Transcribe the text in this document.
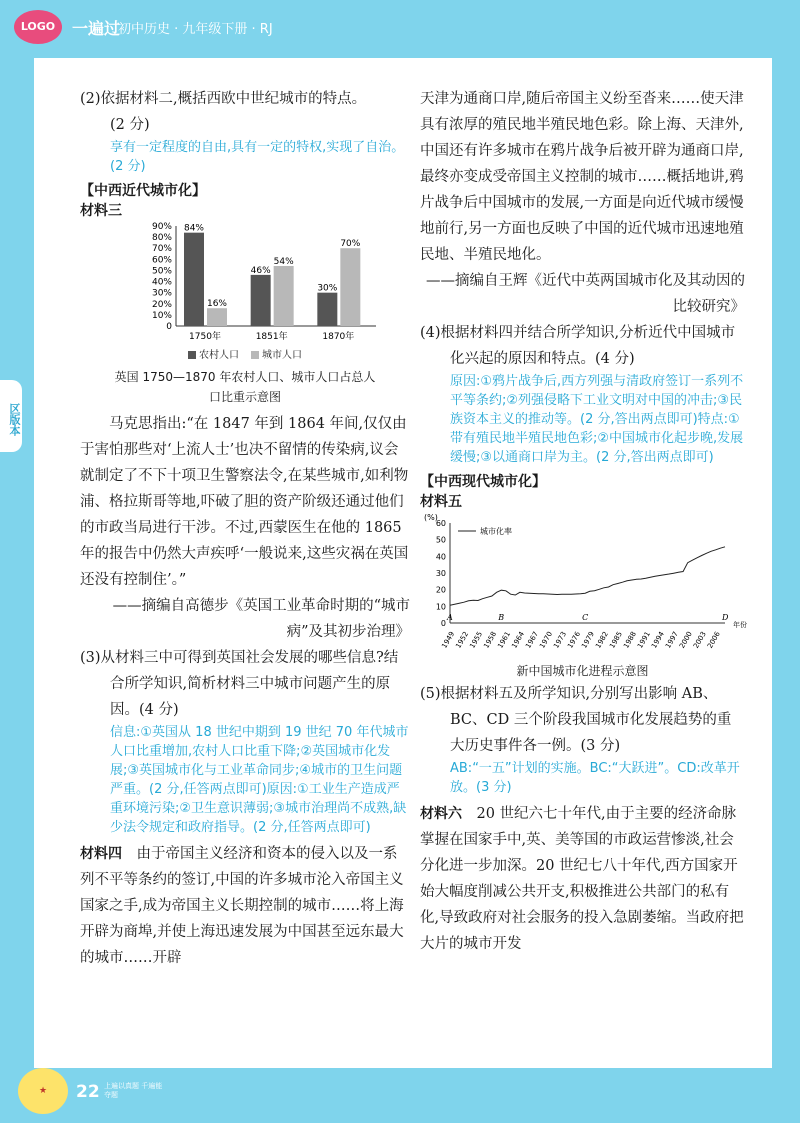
LOGO	一遍过
初中历史 · 九年级下册 · RJ
区版本

(2)依据材料二,概括西欧中世纪城市的特点。

(2 分)

享有一定程度的自由,具有一定的特权,实现了自治。(2 分)

【中西近代城市化】

材料三

0
10%
20%
30%
40%
50%
60%
70%
80%
90% 84%
16%
1750年
46%
54%
1851年
30%
70%
1870年
农村人口	城市人口

英国 1750—1870 年农村人口、城市人口占总人口比重示意图

马克思指出:“在 1847 年到 1864 年间,仅仅由于害怕那些对‘上流人士’也决不留情的传染病,议会就制定了不下十项卫生警察法令,在某些城市,如利物浦、格拉斯哥等地,吓破了胆的资产阶级还通过他们的市政当局进行干涉。不过,西蒙医生在他的 1865 年的报告中仍然大声疾呼‘一般说来,这些灾祸在英国还没有控制住’。”

——摘编自高德步《英国工业革命时期的“城市病”及其初步治理》

(3)从材料三中可得到英国社会发展的哪些信息?结合所学知识,简析材料三中城市问题产生的原因。(4 分)

信息:①英国从 18 世纪中期到 19 世纪 70 年代城市人口比重增加,农村人口比重下降;②英国城市化发展;③英国城市化与工业革命同步;④城市的卫生问题严重。(2 分,任答两点即可)原因:①工业生产造成严重环境污染;②卫生意识薄弱;③城市治理尚不成熟,缺少法令规定和政府指导。(2 分,任答两点即可)

材料四　 由于帝国主义经济和资本的侵入以及一系列不平等条约的签订,中国的许多城市沦入帝国主义国家之手,成为帝国主义长期控制的城市……将上海开辟为商埠,并使上海迅速发展为中国甚至远东最大的城市……开辟

天津为通商口岸,随后帝国主义纷至沓来……使天津具有浓厚的殖民地半殖民地色彩。除上海、天津外,中国还有许多城市在鸦片战争后被开辟为通商口岸,最终亦变成受帝国主义控制的城市……概括地讲,鸦片战争后中国城市的发展,一方面是向近代城市缓慢地前行,另一方面也反映了中国的近代城市迅速地殖民地、半殖民地化。

——摘编自王辉《近代中英两国城市化及其动因的比较研究》

(4)根据材料四并结合所学知识,分析近代中国城市化兴起的原因和特点。(4 分)

原因:①鸦片战争后,西方列强与清政府签订一系列不平等条约;②列强侵略下工业文明对中国的冲击;③民族资本主义的推动等。(2 分,答出两点即可)特点:①带有殖民地半殖民地色彩;②中国城市化起步晚,发展缓慢;③以通商口岸为主。(2 分,答出两点即可)

【中西现代城市化】

材料五

(%)
0
10
20
30
40
50
60
1949
1952
1955
1958
1961
1964
1967
1970
1973
1976
1979
1982
1985
1988
1991
1994
1997
2000
2003
2006
年份
城市化率
A	B	C	D

新中国城市化进程示意图

(5)根据材料五及所学知识,分别写出影响 AB、BC、CD 三个阶段我国城市化发展趋势的重大历史事件各一例。(3 分)

AB:“一五”计划的实施。BC:“大跃进”。CD:改革开放。(3 分)

材料六　 20 世纪六七十年代,由于主要的经济命脉掌握在国家手中,英、美等国的市政运营惨淡,社会分化进一步加深。20 世纪七八十年代,西方国家开始大幅度削减公共开支,积极推进公共部门的私有化,导致政府对社会服务的投入急剧萎缩。当政府把大片的城市开发

★	22 上遍以真题 千遍能夺题
